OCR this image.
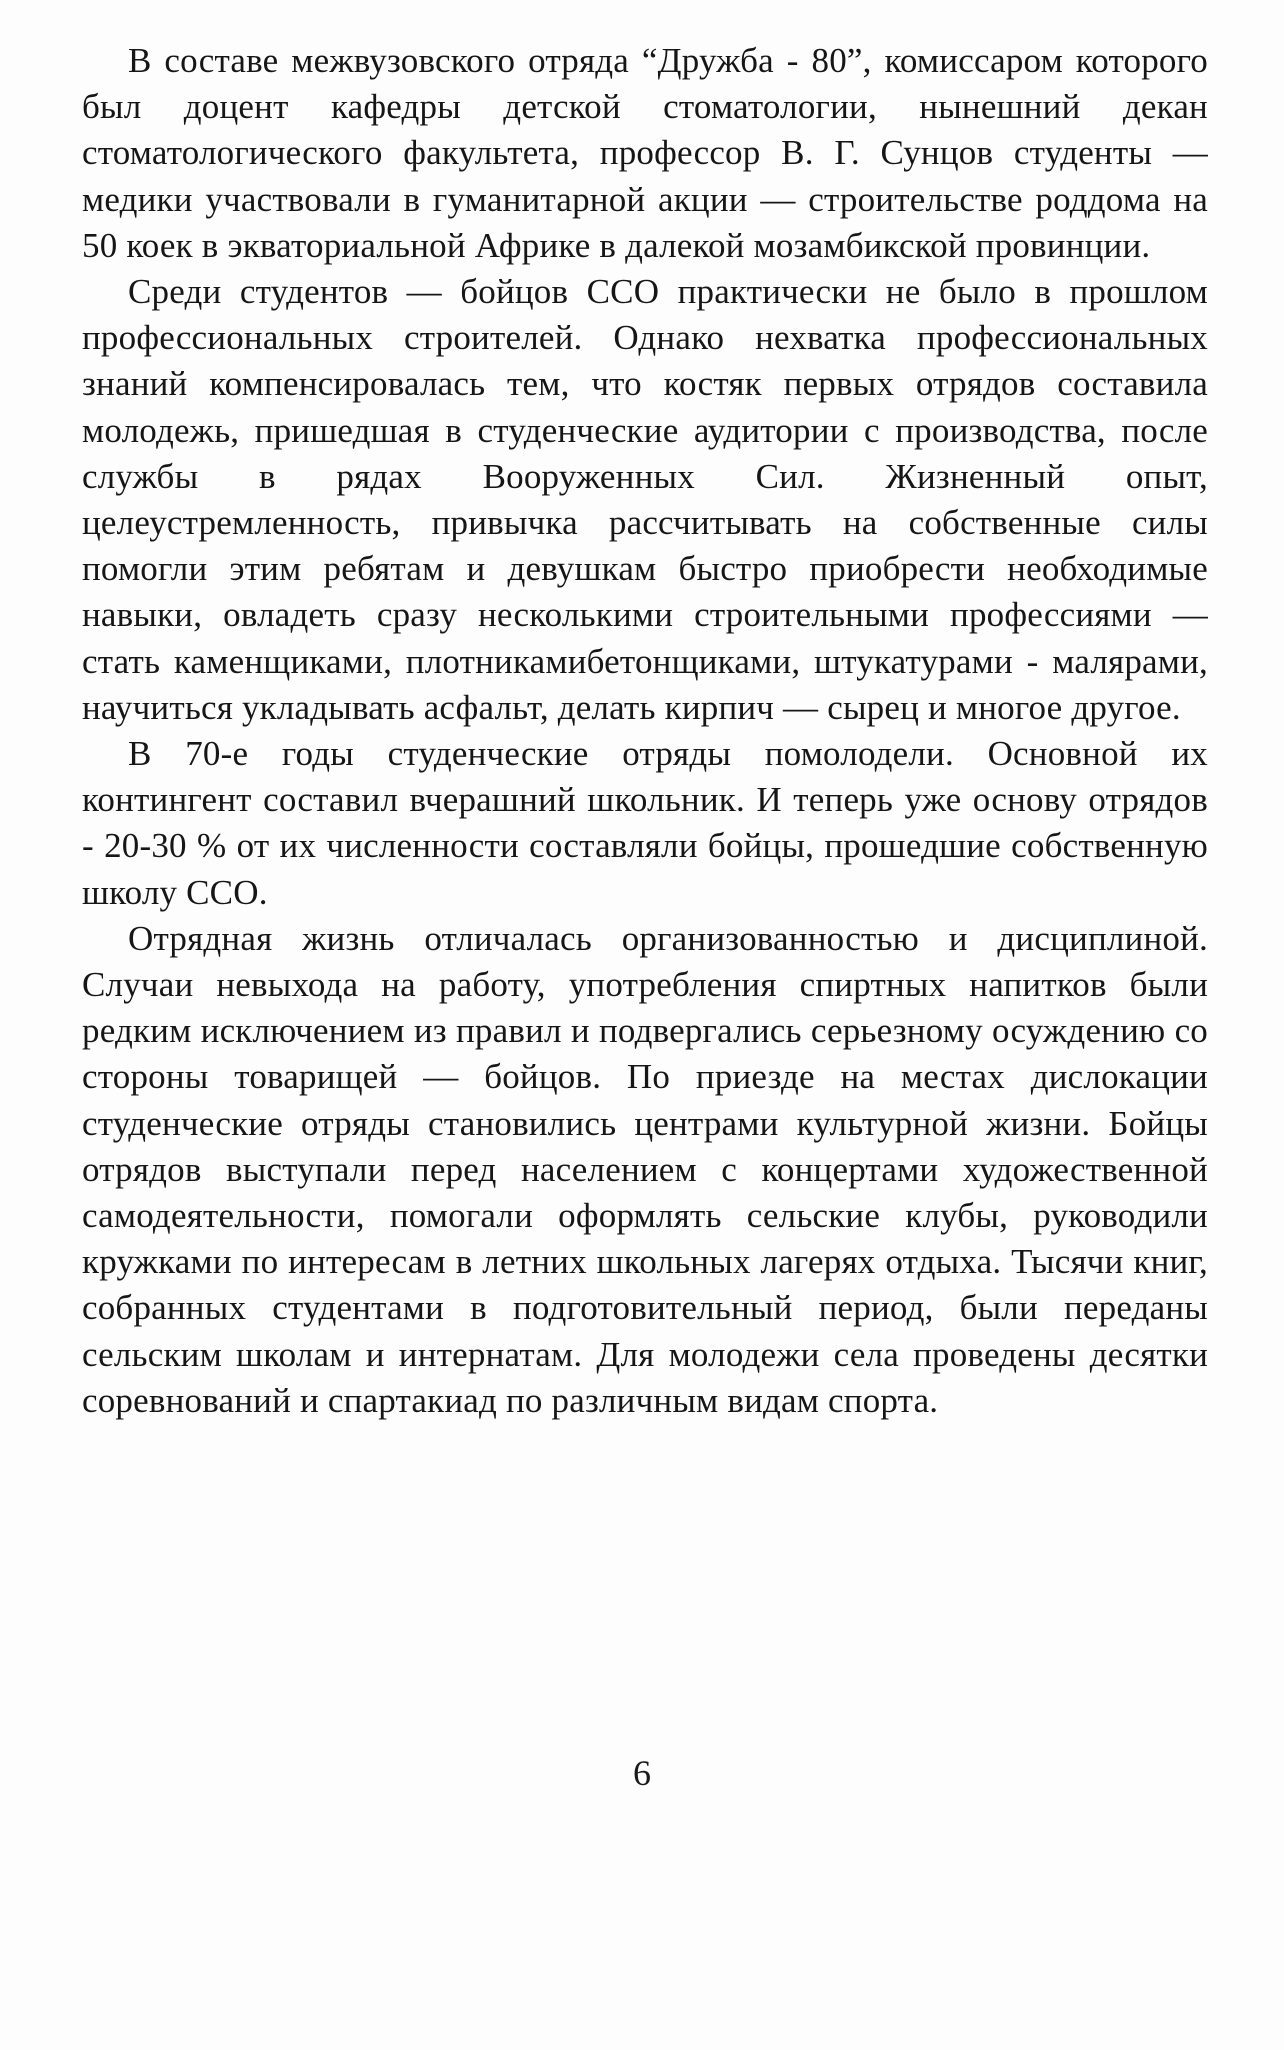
В составе межвузовского отряда “Дружба - 80”, комиссаром которого был доцент кафедры детской стоматологии, нынешний декан стоматологического факультета, профессор В. Г. Сунцов студенты — медики участвовали в гуманитарной акции — строительстве роддома на 50 коек в экваториальной Африке в далекой мозамбикской провинции.

Среди студентов — бойцов ССО практически не было в прошлом профессиональных строителей. Однако нехватка профессиональных знаний компенсировалась тем, что костяк первых отрядов составила молодежь, пришедшая в студенческие аудитории с производства, после службы в рядах Вооруженных Сил. Жизненный опыт, целеустремленность, привычка рассчитывать на собственные силы помогли этим ребятам и девушкам быстро приобрести необходимые навыки, овладеть сразу несколькими строительными профессиями — стать каменщиками, плотникамибетонщиками, штукатурами - малярами, научиться укладывать асфальт, делать кирпич — сырец и многое другое.

В 70-е годы студенческие отряды помолодели. Основной их контингент составил вчерашний школьник. И теперь уже основу отрядов - 20-30 % от их численности составляли бойцы, прошедшие собственную школу ССО.

Отрядная жизнь отличалась организованностью и дисциплиной. Случаи невыхода на работу, употребления спиртных напитков были редким исключением из правил и подвергались серьезному осуждению со стороны товарищей — бойцов. По приезде на местах дислокации студенческие отряды становились центрами культурной жизни. Бойцы отрядов выступали перед населением с концертами художественной самодеятельности, помогали оформлять сельские клубы, руководили кружками по интересам в летних школьных лагерях отдыха. Тысячи книг, собранных студентами в подготовительный период, были переданы сельским школам и интернатам. Для молодежи села проведены десятки соревнований и спартакиад по различным видам спорта.

6
